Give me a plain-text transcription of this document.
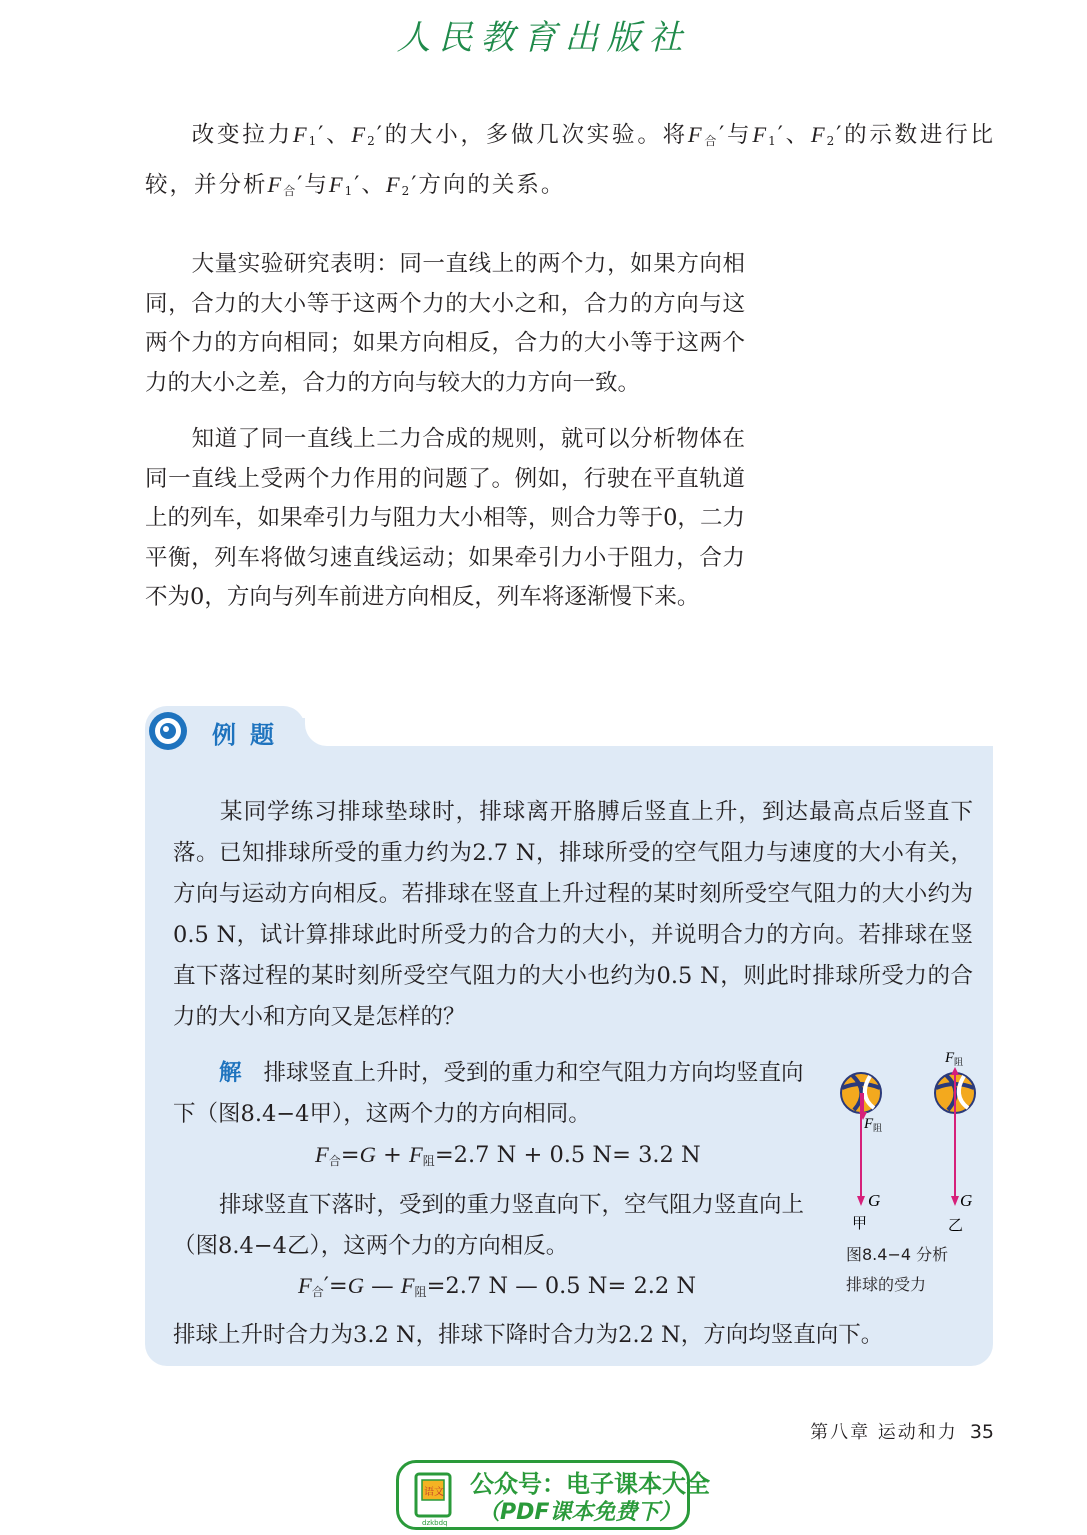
人民教育出版社

改变拉力$F_1'$、$F_2'$的大小，多做几次实验。将$F_合'$与$F_1'$、$F_2'$的示数进行比较，并分析$F_合'$与$F_1'$、$F_2'$方向的关系。

大量实验研究表明：同一直线上的两个力，如果方向相同，合力的大小等于这两个力的大小之和，合力的方向与这两个力的方向相同；如果方向相反，合力的大小等于这两个力的大小之差，合力的方向与较大的力方向一致。

知道了同一直线上二力合成的规则，就可以分析物体在同一直线上受两个力作用的问题了。例如，行驶在平直轨道上的列车，如果牵引力与阻力大小相等，则合力等于0，二力平衡，列车将做匀速直线运动；如果牵引力小于阻力，合力不为0，方向与列车前进方向相反，列车将逐渐慢下来。

例题

某同学练习排球垫球时，排球离开胳膊后竖直上升，到达最高点后竖直下落。已知排球所受的重力约为2.7 N，排球所受的空气阻力与速度的大小有关，方向与运动方向相反。若排球在竖直上升过程的某时刻所受空气阻力的大小约为0.5 N，试计算排球此时所受力的合力的大小，并说明合力的方向。若排球在竖直下落过程的某时刻所受空气阻力的大小也约为0.5 N，则此时排球所受力的合力的大小和方向又是怎样的？

解 排球竖直上升时，受到的重力和空气阻力方向均竖直向下（图8.4−4甲），这两个力的方向相同。

$F_合=G + F_阻=2.7$ N + 0.5 N= 3.2 N

排球竖直下落时，受到的重力竖直向下，空气阻力竖直向上（图8.4−4乙），这两个力的方向相反。

$F_合'=G$ — $F_阻=2.7$ N — 0.5 N= 2.2 N
排球上升时合力为3.2 N，排球下降时合力为2.2 N，方向均竖直向下。
F 阻
F 阻
G	G
甲	乙
图8.4−4 分析
排球的受力
第八章 运动和力 35
语文
dzkbdq
公众号：电子课本大全
（PDF课本免费下）
